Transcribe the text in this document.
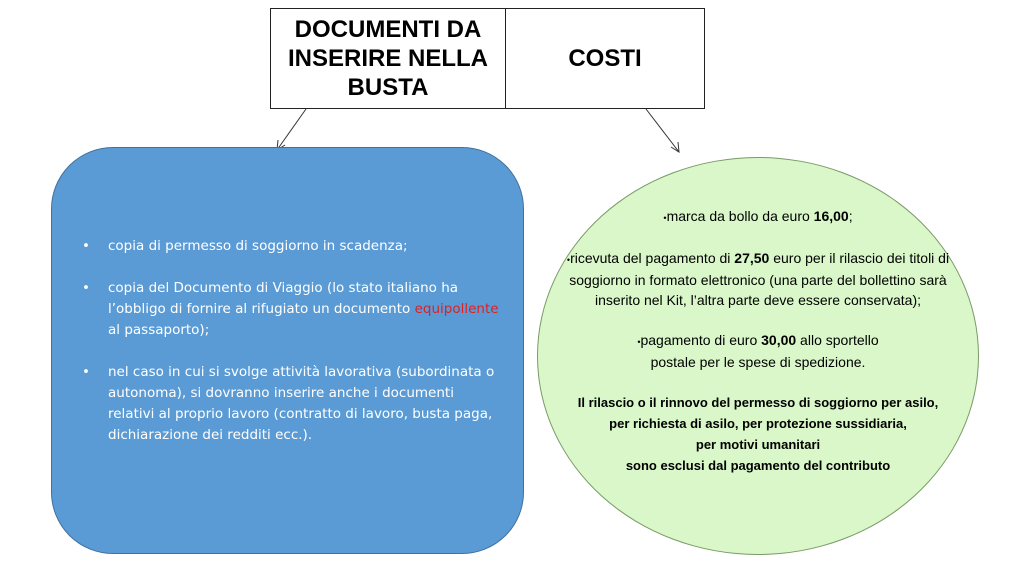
DOCUMENTI DA
INSERIRE NELLA
BUSTA
COSTI
• copia di permesso di soggiorno in scadenza;
• copia del Documento di Viaggio (lo stato italiano ha l’obbligo di fornire al rifugiato un documento equipollente al passaporto);
• nel caso in cui si svolge attività lavorativa (subordinata o autonoma), si dovranno inserire anche i documenti relativi al proprio lavoro (contratto di lavoro, busta paga, dichiarazione dei redditi ecc.).

•marca da bollo da euro 16,00;

•ricevuta del pagamento di 27,50 euro per il rilascio dei titoli di soggiorno in formato elettronico (una parte del bollettino sarà inserito nel Kit, l’altra parte deve essere conservata);

•pagamento di euro 30,00 allo sportello postale per le spese di spedizione.

Il rilascio o il rinnovo del permesso di soggiorno per asilo,
per richiesta di asilo, per protezione sussidiaria,
per motivi umanitari
sono esclusi dal pagamento del contributo
